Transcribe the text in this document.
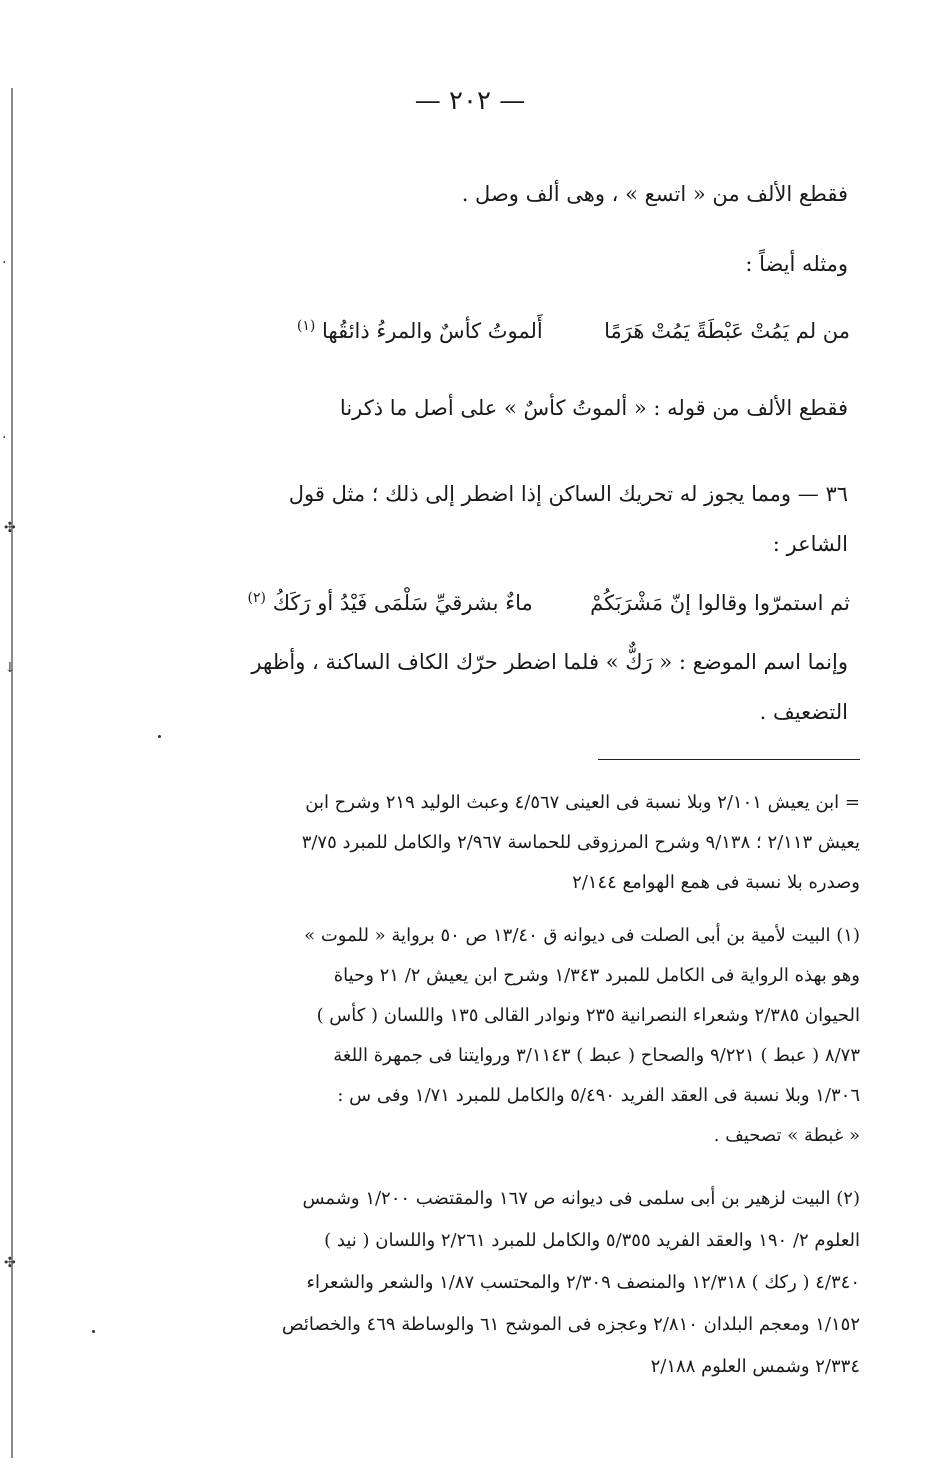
·
·
✣
↓
✣
— ٢٠٢ —
فقطع الألف من « اتسع » ، وهى ألف وصل .
ومثله أيضاً :
من لم يَمُتْ عَبْطَةً يَمُتْ هَرَمًا  أَلموتُ كأسٌ والمرءُ ذائقُها $^{(١)}$
فقطع الألف من قوله : « ألموتُ كأسٌ » على أصل ما ذكرنا
٣٦ — ومما يجوز له تحريك الساكن إذا اضطر إلى ذلك ؛ مثل قول
الشاعر :
ثم استمرّوا وقالوا إنّ مَشْرَبَكُمْ  ماءٌ بشرقيِّ سَلْمَى فَيْدُ أو رَكَكُ $^{(٢)}$
وإنما اسم الموضع : « رَكٌّ » فلما اضطر حرّك الكاف الساكنة ، وأظهر
التضعيف .
= ابن يعيش ٢/١٠١ وبلا نسبة فى العينى ٤/٥٦٧ وعبث الوليد ٢١٩ وشرح ابن
يعيش ٢/١١٣ ؛ ٩/١٣٨ وشرح المرزوقى للحماسة ٢/٩٦٧ والكامل للمبرد ٣/٧٥
وصدره بلا نسبة فى همع الهوامع ٢/١٤٤
(١) البيت لأمية بن أبى الصلت فى ديوانه ق ١٣/٤٠ ص ٥٠ برواية « للموت »
وهو بهذه الرواية فى الكامل للمبرد ١/٣٤٣ وشرح ابن يعيش ٢/ ٢١ وحياة
الحيوان ٢/٣٨٥ وشعراء النصرانية ٢٣٥ ونوادر القالى ١٣٥ واللسان ( كأس )
٨/٧٣ ( عبط ) ٩/٢٢١ والصحاح ( عبط ) ٣/١١٤٣ وروايتنا فى جمهرة اللغة
١/٣٠٦ وبلا نسبة فى العقد الفريد ٥/٤٩٠ والكامل للمبرد ١/٧١ وفى س :
« غبطة » تصحيف .
(٢) البيت لزهير بن أبى سلمى فى ديوانه ص ١٦٧ والمقتضب ١/٢٠٠ وشمس
العلوم ٢/ ١٩٠ والعقد الفريد ٥/٣٥٥ والكامل للمبرد ٢/٢٦١ واللسان ( نيد )
٤/٣٤٠ ( ركك ) ١٢/٣١٨ والمنصف ٢/٣٠٩ والمحتسب ١/٨٧ والشعر والشعراء
١/١٥٢ ومعجم البلدان ٢/٨١٠ وعجزه فى الموشح ٦١ والوساطة ٤٦٩ والخصائص
٢/٣٣٤ وشمس العلوم ٢/١٨٨
